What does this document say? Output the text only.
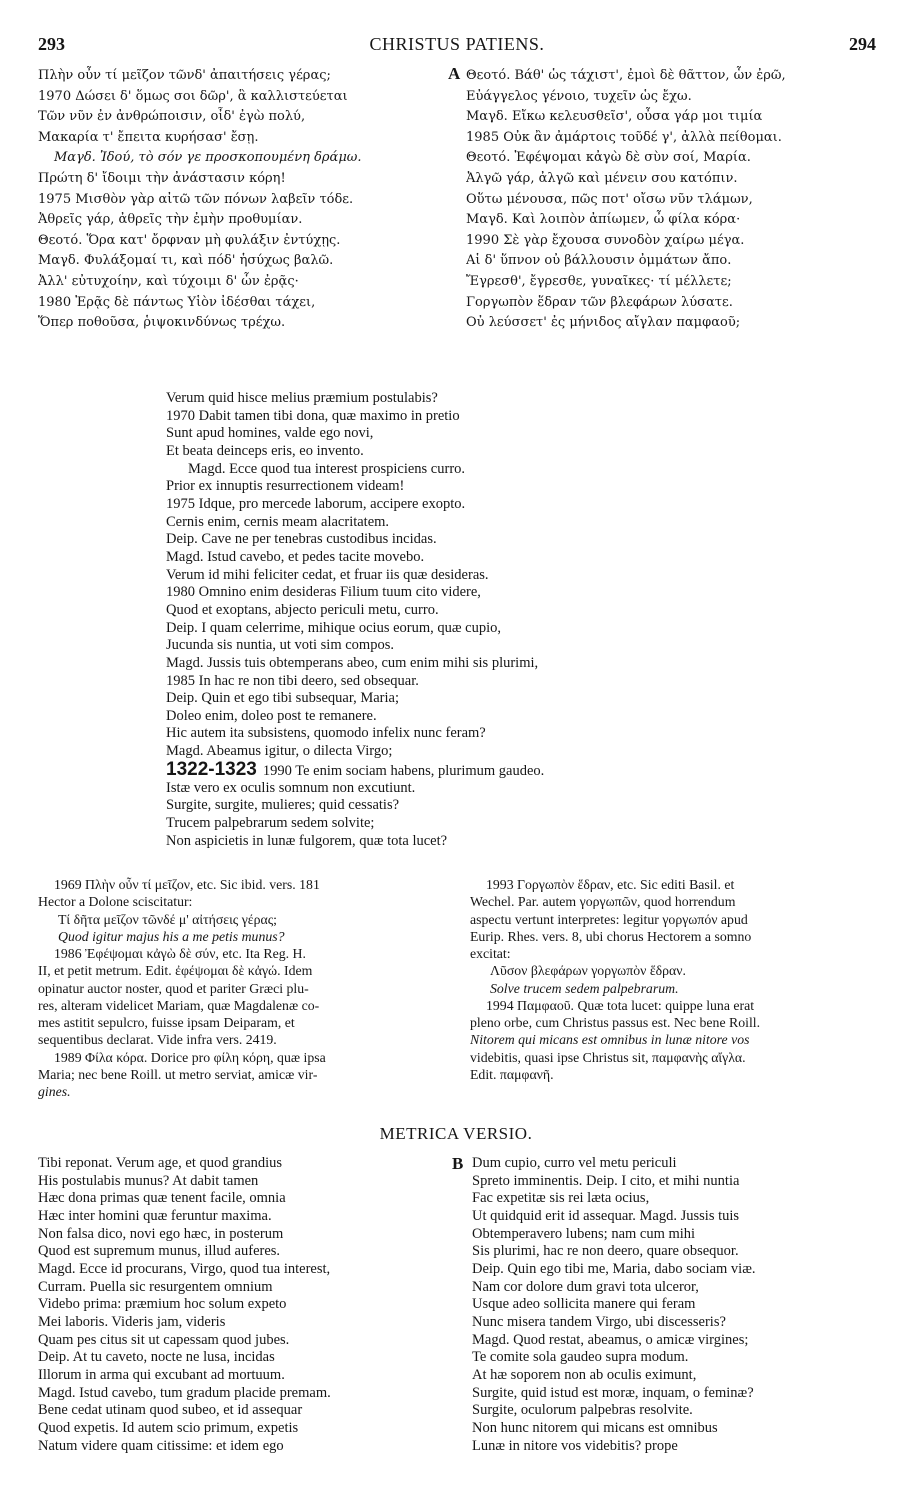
293	CHRISTUS PATIENS.	294
Πλὴν οὖν τί μεῖζον τῶνδ' ἀπαιτήσεις γέρας;
1970 Δώσει δ' ὅμως σοι δῶρ', ἃ καλλιστεύεται
Τῶν νῦν ἐν ἀνθρώποισιν, οἶδ' ἐγὼ πολύ,
Μακαρία τ' ἔπειτα κυρήσασ' ἔσῃ.
Μαγδ. Ἰδού, τὸ σόν γε προσκοπουμένη δράμω.
Πρώτη δ' ἴδοιμι τὴν ἀνάστασιν κόρη!
1975 Μισθὸν γὰρ αἰτῶ τῶν πόνων λαβεῖν τόδε.
Ἀθρεῖς γάρ, ἀθρεῖς τὴν ἐμὴν προθυμίαν.
Θεοτό. Ὅρα κατ' ὄρφναν μὴ φυλάξιν ἐντύχῃς.
Μαγδ. Φυλάξομαί τι, καὶ πόδ' ἡσύχως βαλῶ.
Ἀλλ' εὐτυχοίην, καὶ τύχοιμι δ' ὧν ἐρᾷς·
1980 Ἐρᾷς δὲ πάντως Υἱὸν ἰδέσθαι τάχει,
Ὅπερ ποθοῦσα, ῥιψοκινδύνως τρέχω.
A Θεοτό. Βάθ' ὡς τάχιστ', ἐμοὶ δὲ θᾶττον, ὧν ἐρῶ,
Εὐάγγελος γένοιο, τυχεῖν ὡς ἔχω.
Μαγδ. Εἴκω κελευσθεῖσ', οὖσα γάρ μοι τιμία
1985 Οὐκ ἂν ἀμάρτοις τοῦδέ γ', ἀλλὰ πείθομαι.
Θεοτό. Ἐφέψομαι κἀγὼ δὲ σὺν σοί, Μαρία.
Ἀλγῶ γάρ, ἀλγῶ καὶ μένειν σου κατόπιν.
Οὕτω μένουσα, πῶς ποτ' οἴσω νῦν τλάμων,
Μαγδ. Καὶ λοιπὸν ἀπίωμεν, ὦ φίλα κόρα·
1990 Σὲ γὰρ ἔχουσα συνοδὸν χαίρω μέγα.
Αἱ δ' ὕπνον οὐ βάλλουσιν ὀμμάτων ἄπο.
Ἔγρεσθ', ἔγρεσθε, γυναῖκες· τί μέλλετε;
Γοργωπὸν ἕδραν τῶν βλεφάρων λύσατε.
Οὐ λεύσσετ' ἐς μήνιδος αἴγλαν παμφαοῦ;
Verum quid hisce melius præmium postulabis?
1970 Dabit tamen tibi dona, quæ maximo in pretio
Sunt apud homines, valde ego novi,
Et beata deinceps eris, eo invento.
Magd. Ecce quod tua interest prospiciens curro.
Prior ex innuptis resurrectionem videam!
1975 Idque, pro mercede laborum, accipere exopto.
Cernis enim, cernis meam alacritatem.
Deip. Cave ne per tenebras custodibus incidas.
Magd. Istud cavebo, et pedes tacite movebo.
Verum id mihi feliciter cedat, et fruar iis quæ desideras.
1980 Omnino enim desideras Filium tuum cito videre,
Quod et exoptans, abjecto periculi metu, curro.
Deip. I quam celerrime, mihique ocius eorum, quæ cupio,
Jucunda sis nuntia, ut voti sim compos.
Magd. Jussis tuis obtemperans abeo, cum enim mihi sis plurimi,
1985 In hac re non tibi deero, sed obsequar.
Deip. Quin et ego tibi subsequar, Maria;
Doleo enim, doleo post te remanere.
Hic autem ita subsistens, quomodo infelix nunc feram?
Magd. Abeamus igitur, o dilecta Virgo;
1322-1323 1990 Te enim sociam habens, plurimum gaudeo.
Istæ vero ex oculis somnum non excutiunt.
Surgite, surgite, mulieres; quid cessatis?
Trucem palpebrarum sedem solvite;
Non aspicietis in lunæ fulgorem, quæ tota lucet?
1969 Πλὴν οὖν τί μεῖζον, etc. Sic ibid. vers. 181
Hector a Dolone sciscitatur:
Τί δῆτα μεῖζον τῶνδέ μ' αἰτήσεις γέρας;
Quod igitur majus his a me petis munus?
1986 Ἐφέψομαι κἀγὼ δὲ σύν, etc. Ita Reg. H.
II, et petit metrum. Edit. ἐφέψομαι δὲ κἀγώ. Idem
opinatur auctor noster, quod et pariter Græci plu-
res, alteram videlicet Mariam, quæ Magdalenæ co-
mes astitit sepulcro, fuisse ipsam Deiparam, et
sequentibus declarat. Vide infra vers. 2419.
1989 Φίλα κόρα. Dorice pro φίλη κόρη, quæ ipsa
Maria; nec bene Roill. ut metro serviat, amicæ vir-
gines.
1993 Γοργωπὸν ἕδραν, etc. Sic editi Basil. et
Wechel. Par. autem γοργωπῶν, quod horrendum
aspectu vertunt interpretes: legitur γοργωπόν apud
Eurip. Rhes. vers. 8, ubi chorus Hectorem a somno
excitat:
Λῦσον βλεφάρων γοργωπὸν ἕδραν.
Solve trucem sedem palpebrarum.
1994 Παμφαοῦ. Quæ tota lucet: quippe luna erat
pleno orbe, cum Christus passus est. Nec bene Roill.
Nitorem qui micans est omnibus in lunæ nitore vos
videbitis, quasi ipse Christus sit, παμφανὴς αἴγλα.
Edit. παμφανῆ.
METRICA VERSIO.
Tibi reponat. Verum age, et quod grandius
His postulabis munus? At dabit tamen
Hæc dona primas quæ tenent facile, omnia
Hæc inter homini quæ feruntur maxima.
Non falsa dico, novi ego hæc, in posterum
Quod est supremum munus, illud auferes.
Magd. Ecce id procurans, Virgo, quod tua interest,
Curram. Puella sic resurgentem omnium
Videbo prima: præmium hoc solum expeto
Mei laboris. Videris jam, videris
Quam pes citus sit ut capessam quod jubes.
Deip. At tu caveto, nocte ne lusa, incidas
Illorum in arma qui excubant ad mortuum.
Magd. Istud cavebo, tum gradum placide premam.
Bene cedat utinam quod subeo, et id assequar
Quod expetis. Id autem scio primum, expetis
Natum videre quam citissime: et idem ego
B Dum cupio, curro vel metu periculi
Spreto imminentis. Deip. I cito, et mihi nuntia
Fac expetitæ sis rei læta ocius,
Ut quidquid erit id assequar. Magd. Jussis tuis
Obtemperavero lubens; nam cum mihi
Sis plurimi, hac re non deero, quare obsequor.
Deip. Quin ego tibi me, Maria, dabo sociam viæ.
Nam cor dolore dum gravi tota ulceror,
Usque adeo sollicita manere qui feram
Nunc misera tandem Virgo, ubi discesseris?
Magd. Quod restat, abeamus, o amicæ virgines;
Te comite sola gaudeo supra modum.
At hæ soporem non ab oculis eximunt,
Surgite, quid istud est moræ, inquam, o feminæ?
Surgite, oculorum palpebras resolvite.
Non hunc nitorem qui micans est omnibus
Lunæ in nitore vos videbitis? prope
